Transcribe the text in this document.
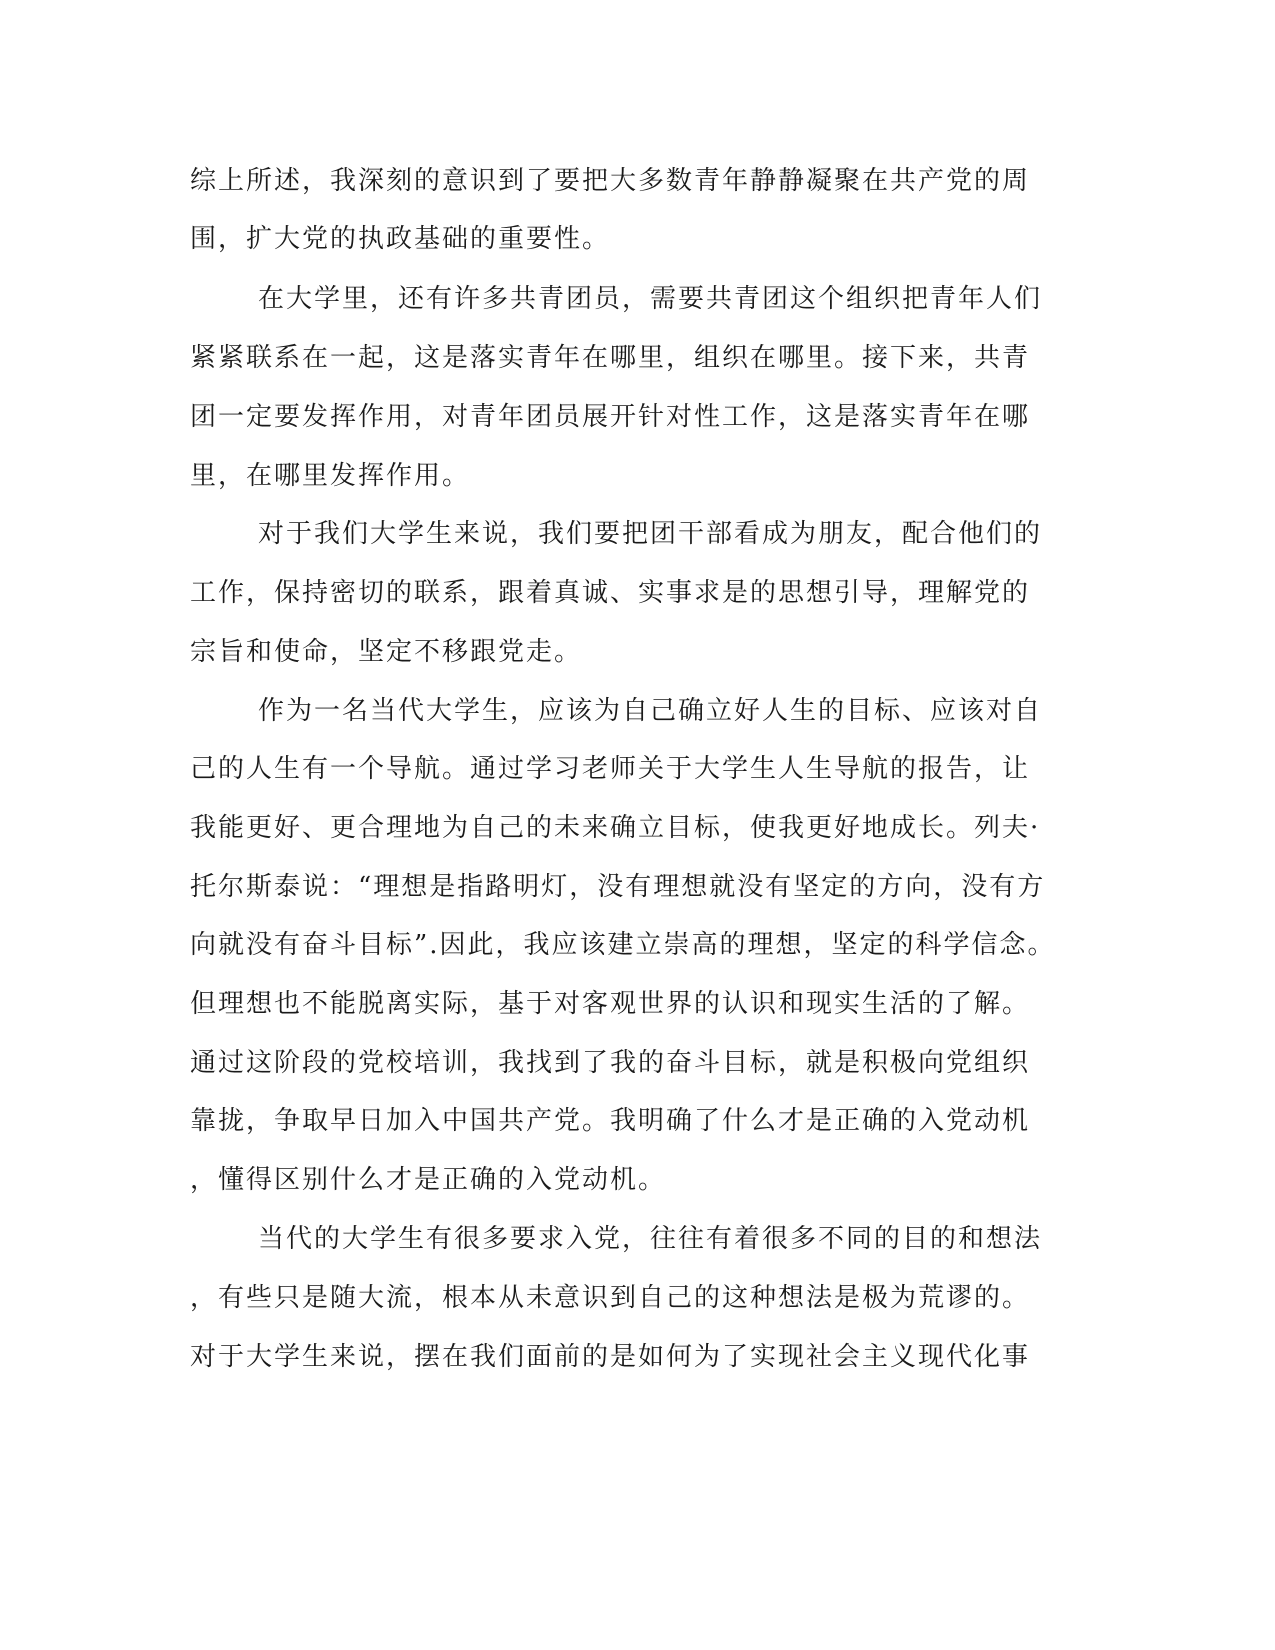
综上所述，我深刻的意识到了要把大多数青年静静凝聚在共产党的周
围，扩大党的执政基础的重要性。
在大学里，还有许多共青团员，需要共青团这个组织把青年人们
紧紧联系在一起，这是落实青年在哪里，组织在哪里。接下来，共青
团一定要发挥作用，对青年团员展开针对性工作，这是落实青年在哪
里，在哪里发挥作用。
对于我们大学生来说，我们要把团干部看成为朋友，配合他们的
工作，保持密切的联系，跟着真诚、实事求是的思想引导，理解党的
宗旨和使命，坚定不移跟党走。
作为一名当代大学生，应该为自己确立好人生的目标、应该对自
己的人生有一个导航。通过学习老师关于大学生人生导航的报告，让
我能更好、更合理地为自己的未来确立目标，使我更好地成长。列夫·
托尔斯泰说：“理想是指路明灯，没有理想就没有坚定的方向，没有方
向就没有奋斗目标”.因此，我应该建立崇高的理想，坚定的科学信念。
但理想也不能脱离实际，基于对客观世界的认识和现实生活的了解。
通过这阶段的党校培训，我找到了我的奋斗目标，就是积极向党组织
靠拢，争取早日加入中国共产党。我明确了什么才是正确的入党动机
，懂得区别什么才是正确的入党动机。
当代的大学生有很多要求入党，往往有着很多不同的目的和想法
，有些只是随大流，根本从未意识到自己的这种想法是极为荒谬的。
对于大学生来说，摆在我们面前的是如何为了实现社会主义现代化事
